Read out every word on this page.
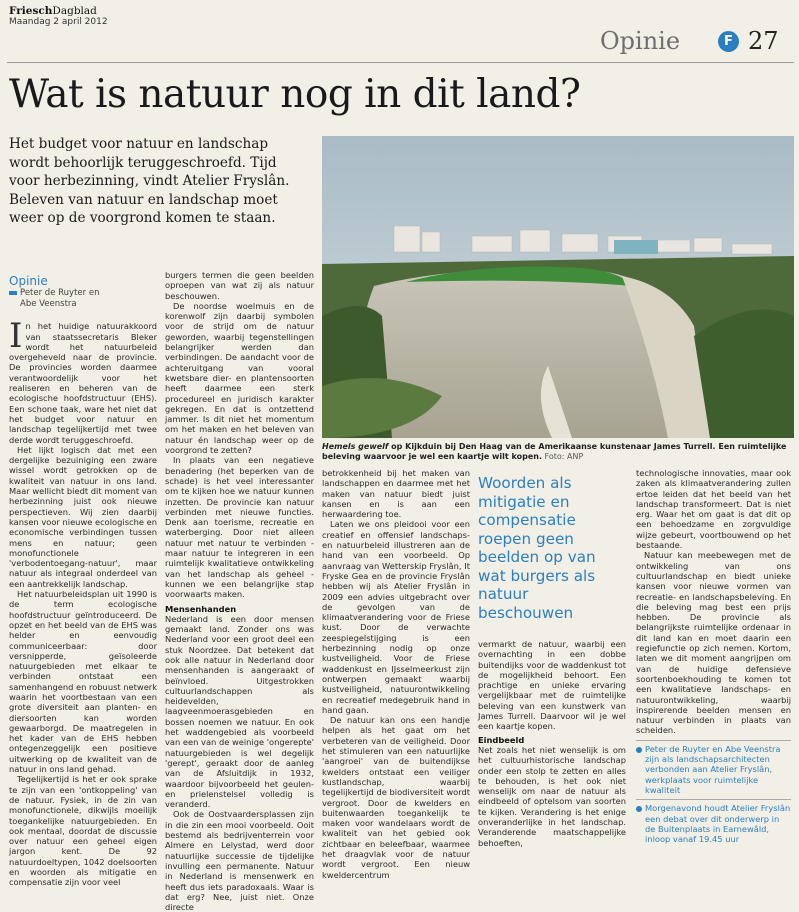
FrieschDagblad
Maandag 2 april 2012
Opinie	F 27
Wat is natuur nog in dit land?
Het budget voor natuur en landschap wordt behoorlijk teruggeschroefd. Tijd voor herbezinning, vindt Atelier Fryslân. Beleven van natuur en landschap moet weer op de voorgrond komen te staan.
Hemels gewelf op Kijkduin bij Den Haag van de Amerikaanse kunstenaar James Turrell. Een ruimtelijke beleving waarvoor je wel een kaartje wilt kopen. Foto: ANP
Opinie
Peter de Ruyter en
Abe Veenstra

In het huidige natuurakkoord van staatssecretaris Bleker wordt het natuurbeleid overgeheveld naar de provincie. De provincies worden daarmee verantwoordelijk voor het realiseren en beheren van de ecologische hoofdstructuur (EHS). Een schone taak, ware het niet dat het budget voor natuur en landschap tegelijkertijd met twee derde wordt teruggeschroefd.

Het lijkt logisch dat met een dergelijke bezuiniging een zware wissel wordt getrokken op de kwaliteit van natuur in ons land. Maar wellicht biedt dit moment van herbezinning juist ook nieuwe perspectieven. Wij zien daarbij kansen voor nieuwe ecologische en economische verbindingen tussen mens en natuur; geen monofunctionele 'verbodentoegang-natuur', maar natuur als integraal onderdeel van een aantrekkelijk landschap.

Het natuurbeleidsplan uit 1990 is de term ecologische hoofdstructuur geïntroduceerd. De opzet en het beeld van de EHS was helder en eenvoudig communiceerbaar: door versnipperde, geïsoleerde natuurgebieden met elkaar te verbinden ontstaat een samenhangend en robuust netwerk waarin het voortbestaan van een grote diversiteit aan planten- en diersoorten kan worden gewaarborgd. De maatregelen in het kader van de EHS hebben ontegenzeggelijk een positieve uitwerking op de kwaliteit van de natuur in ons land gehad.

Tegelijkertijd is het er ook sprake te zijn van een 'ontkoppeling' van de natuur. Fysiek, in de zin van monofunctionele, dikwijls moeilijk toegankelijke natuurgebieden. En ook mentaal, doordat de discussie over natuur een geheel eigen jargon kent. De 92 natuurdoeltypen, 1042 doelsoorten en woorden als mitigatie en compensatie zijn voor veel

burgers termen die geen beelden oproepen van wat zij als natuur beschouwen.

De noordse woelmuis en de korenwolf zijn daarbij symbolen voor de strijd om de natuur geworden, waarbij tegenstellingen belangrijker werden dan verbindingen. De aandacht voor de achteruitgang van vooral kwetsbare dier- en plantensoorten heeft daarmee een sterk procedureel en juridisch karakter gekregen. En dat is ontzettend jammer. Is dit niet het momentum om het maken en het beleven van natuur én landschap weer op de voorgrond te zetten?

In plaats van een negatieve benadering (het beperken van de schade) is het veel interessanter om te kijken hoe we natuur kunnen inzetten. De provincie kan natuur verbinden met nieuwe functies. Denk aan toerisme, recreatie en waterberging. Door niet alleen natuur met natuur te verbinden - maar natuur te integreren in een ruimtelijk kwalitatieve ontwikkeling van het landschap als geheel - kunnen we een belangrijke stap voorwaarts maken.

Mensenhanden

Nederland is een door mensen gemaakt land. Zonder ons was Nederland voor een groot deel een stuk Noordzee. Dat betekent dat ook alle natuur in Nederland door mensenhanden is aangeraakt of beïnvloed. Uitgestrokken cultuurlandschappen als heidevelden, laagveenmoerasgebieden en bossen noemen we natuur. En ook het waddengebied als voorbeeld van een van de weinige 'ongerepte' natuurgebieden is wel degelijk 'gerept', geraakt door de aanleg van de Afsluitdijk in 1932, waardoor bijvoorbeeld het geulen- en prielenstelsel volledig is veranderd.

Ook de Oostvaardersplassen zijn in die zin een mooi voorbeeld. Ooit bestemd als bedrijventerrein voor Almere en Lelystad, werd door natuurlijke successie de tijdelijke invulling een permanente. Natuur in Nederland is mensenwerk en heeft dus iets paradoxaals. Waar is dat erg? Nee, juist niet. Onze directe

betrokkenheid bij het maken van landschappen en daarmee met het maken van natuur biedt juist kansen en is aan een herwaardering toe.

Laten we ons pleidooi voor een creatief en offensief landschaps- en natuurbeleid illustreren aan de hand van een voorbeeld. Op aanvraag van Wetterskip Fryslân, It Fryske Gea en de provincie Fryslân hebben wij als Atelier Fryslân in 2009 een advies uitgebracht over de gevolgen van de klimaatverandering voor de Friese kust. Door de verwachte zeespiegelstijging is een herbezinning nodig op onze kustveiligheid. Voor de Friese waddenkust en IJsselmeerkust zijn ontwerpen gemaakt waarbij kustveiligheid, natuurontwikkeling en recreatief medegebruik hand in hand gaan.

De natuur kan ons een handje helpen als het gaat om het verbeteren van de veiligheid. Door het stimuleren van een natuurlijke 'aangroei' van de buitendijkse kwelders ontstaat een veiliger kustlandschap, waarbij tegelijkertijd de biodiversiteit wordt vergroot. Door de kwelders en buitenwaarden toegankelijk te maken voor wandelaars wordt de kwaliteit van het gebied ook zichtbaar en beleefbaar, waarmee het draagvlak voor de natuur wordt vergroot. Een nieuw kweldercentrum

Woorden als mitigatie en compensatie roepen geen beelden op van wat burgers als natuur beschouwen

vermarkt de natuur, waarbij een overnachting in een dobbe buitendijks voor de waddenkust tot de mogelijkheid behoort. Een prachtige en unieke ervaring vergelijkbaar met de ruimtelijke beleving van een kunstwerk van James Turrell. Daarvoor wil je wel een kaartje kopen.

Eindbeeld

Net zoals het niet wenselijk is om het cultuurhistorische landschap onder een stolp te zetten en alles te behouden, is het ook niet wenselijk om naar de natuur als eindbeeld of optelsom van soorten te kijken. Verandering is het enige onveranderlijke in het landschap. Veranderende maatschappelijke behoeften,

technologische innovaties, maar ook zaken als klimaatverandering zullen ertoe leiden dat het beeld van het landschap transformeert. Dat is niet erg. Waar het om gaat is dat dit op een behoedzame en zorgvuldige wijze gebeurt, voortbouwend op het bestaande.

Natuur kan meebewegen met de ontwikkeling van ons cultuurlandschap en biedt unieke kansen voor nieuwe vormen van recreatie- en landschapsbeleving. En die beleving mag best een prijs hebben. De provincie als belangrijkste ruimtelijke ordenaar in dit land kan en moet daarin een regiefunctie op zich nemen. Kortom, laten we dit moment aangrijpen om van de huidige defensieve soortenboekhouding te komen tot een kwalitatieve landschaps- en natuurontwikkeling, waarbij inspirerende beelden mensen en natuur verbinden in plaats van scheiden.

Peter de Ruyter en Abe Veenstra zijn als landschapsarchitecten verbonden aan Atelier Fryslân, werkplaats voor ruimtelijke kwaliteit

Morgenavond houdt Atelier Fryslân een debat over dit onderwerp in de Buitenplaats in Earnewâld, inloop vanaf 19.45 uur
